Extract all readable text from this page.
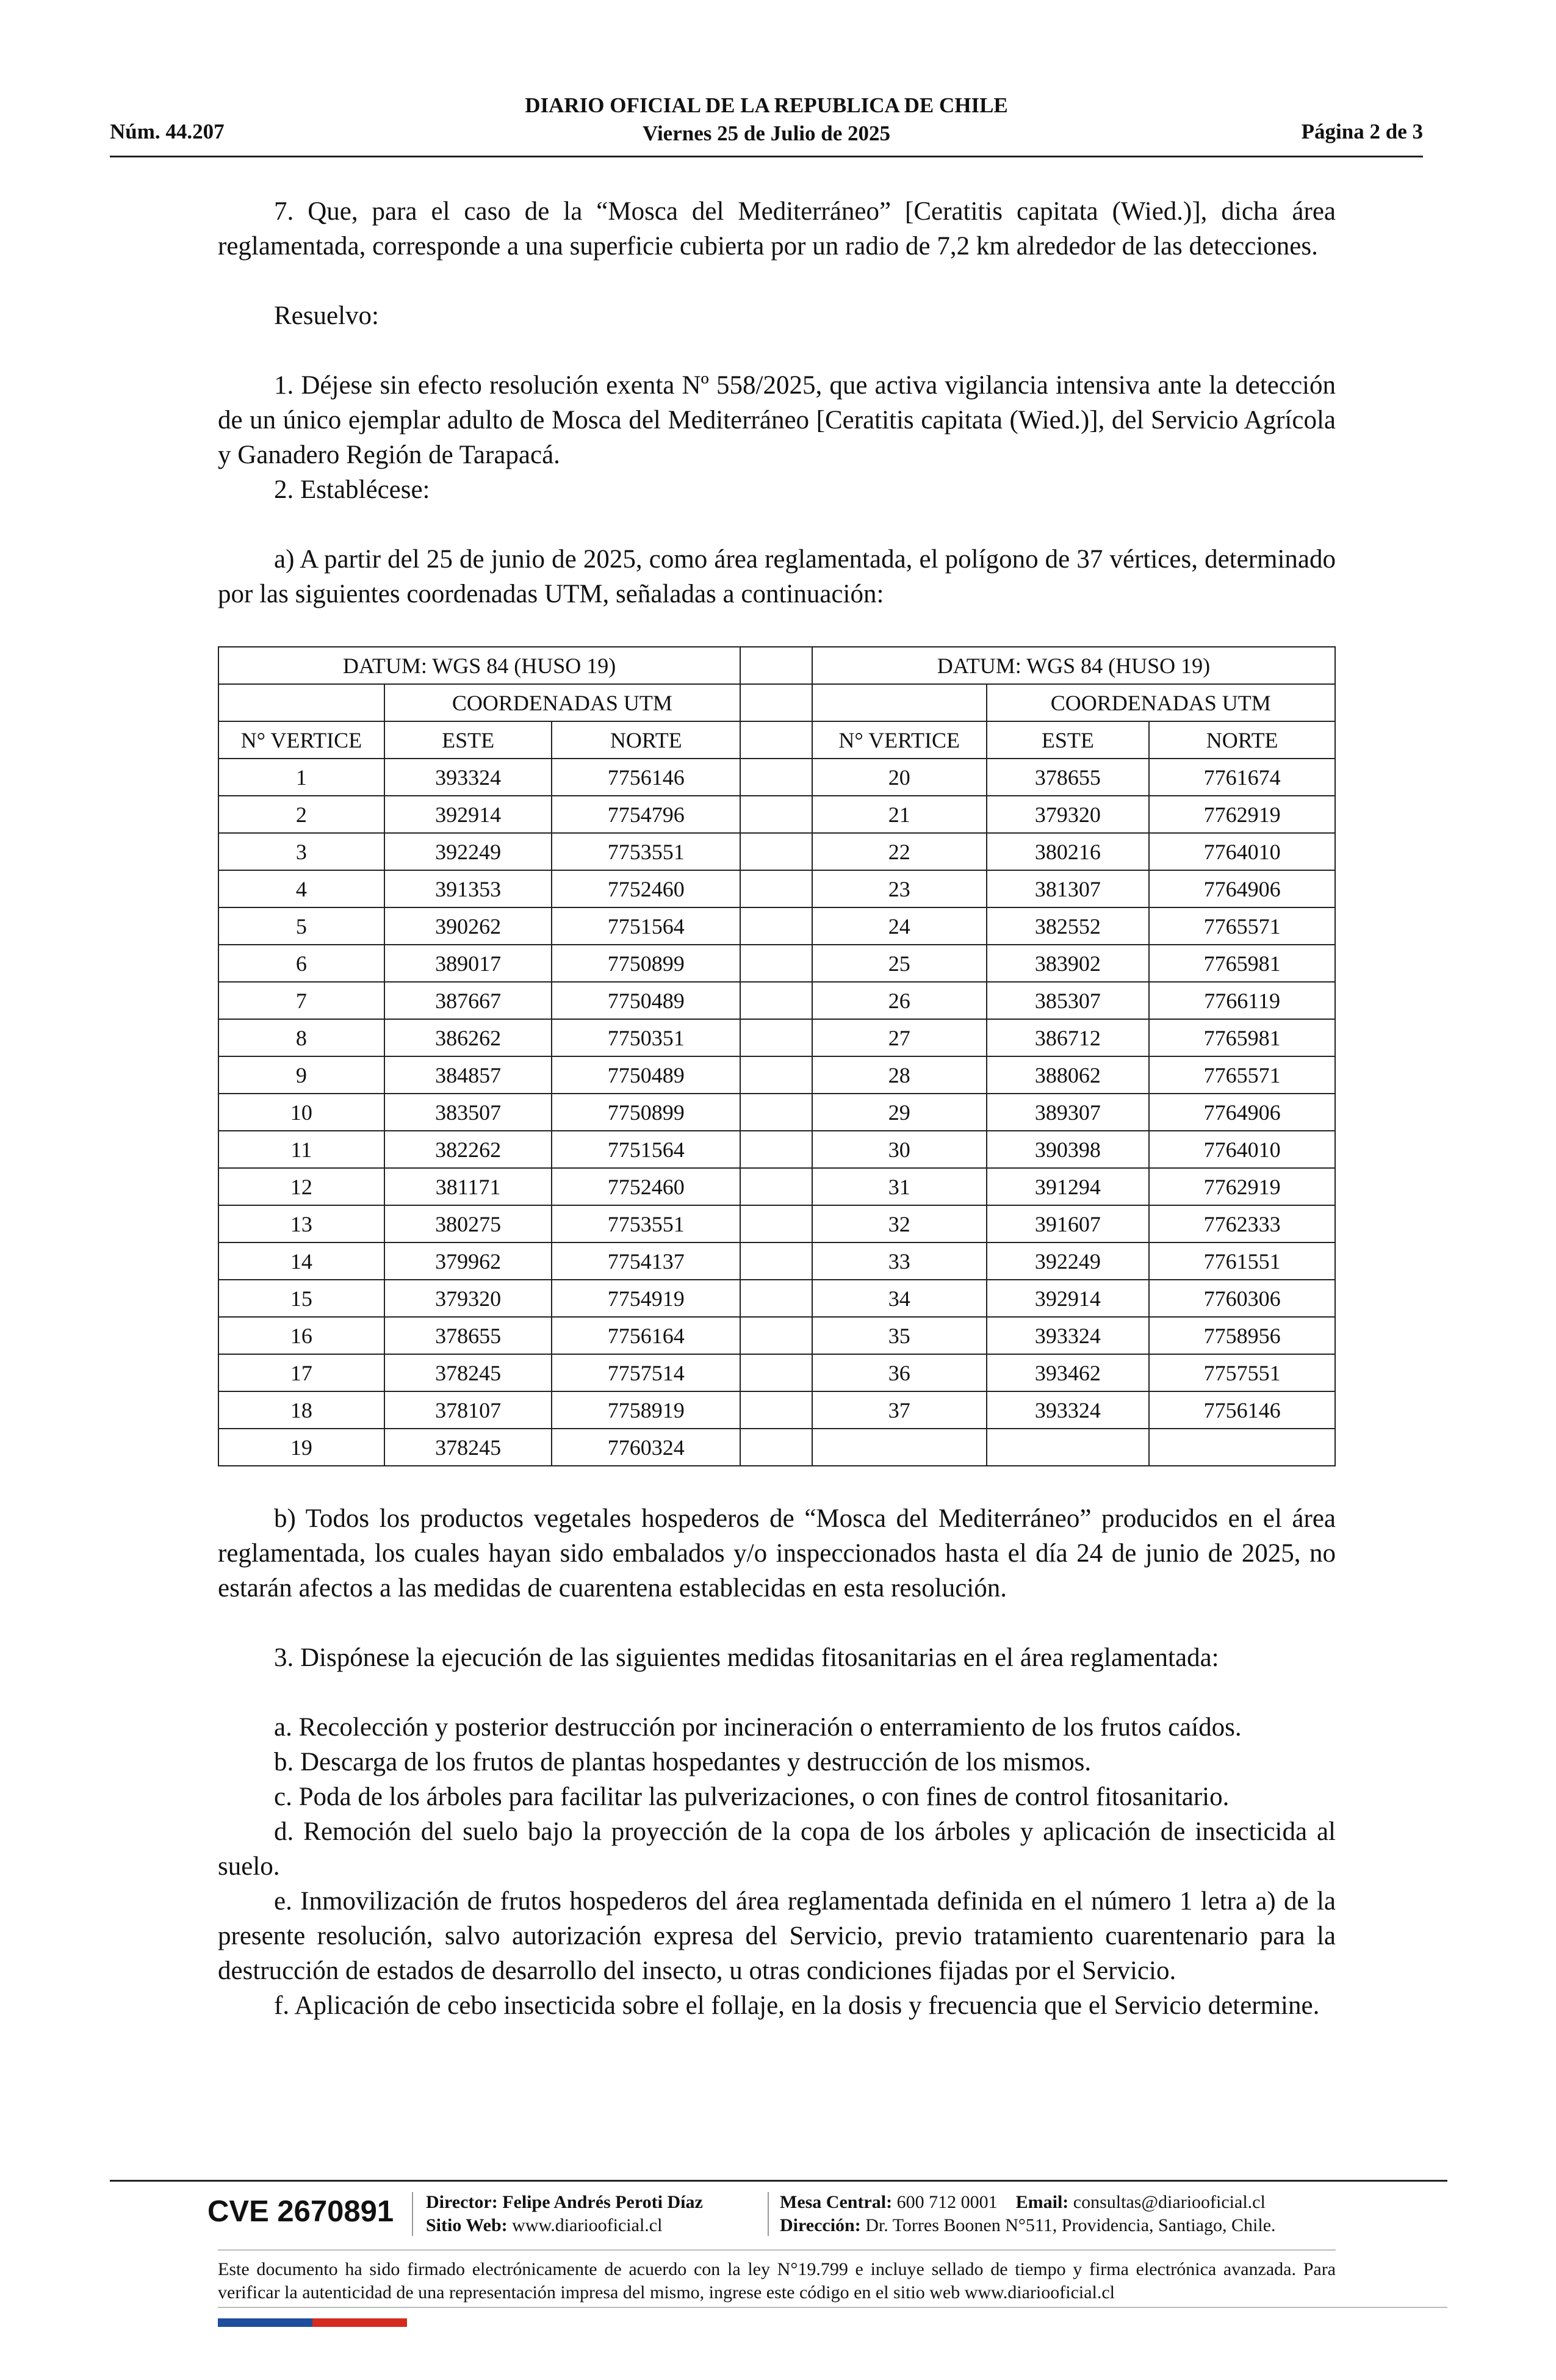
DIARIO OFICIAL DE LA REPUBLICA DE CHILE
Viernes 25 de Julio de 2025
Núm. 44.207	Página 2 de 3

7. Que, para el caso de la “Mosca del Mediterráneo” [Ceratitis capitata (Wied.)], dicha área reglamentada, corresponde a una superficie cubierta por un radio de 7,2 km alrededor de las detecciones.

Resuelvo:

1. Déjese sin efecto resolución exenta Nº 558/2025, que activa vigilancia intensiva ante la detección de un único ejemplar adulto de Mosca del Mediterráneo [Ceratitis capitata (Wied.)], del Servicio Agrícola y Ganadero Región de Tarapacá.

2. Establécese:

a) A partir del 25 de junio de 2025, como área reglamentada, el polígono de 37 vértices, determinado por las siguientes coordenadas UTM, señaladas a continuación:

DATUM: WGS 84 (HUSO 19)				DATUM: WGS 84 (HUSO 19)		
	COORDENADAS UTM				COORDENADAS UTM	
N° VERTICE	ESTE	NORTE		N° VERTICE	ESTE	NORTE
1	393324	7756146		20	378655	7761674
2	392914	7754796		21	379320	7762919
3	392249	7753551		22	380216	7764010
4	391353	7752460		23	381307	7764906
5	390262	7751564		24	382552	7765571
6	389017	7750899		25	383902	7765981
7	387667	7750489		26	385307	7766119
8	386262	7750351		27	386712	7765981
9	384857	7750489		28	388062	7765571
10	383507	7750899		29	389307	7764906
11	382262	7751564		30	390398	7764010
12	381171	7752460		31	391294	7762919
13	380275	7753551		32	391607	7762333
14	379962	7754137		33	392249	7761551
15	379320	7754919		34	392914	7760306
16	378655	7756164		35	393324	7758956
17	378245	7757514		36	393462	7757551
18	378107	7758919		37	393324	7756146
19	378245	7760324				

b) Todos los productos vegetales hospederos de “Mosca del Mediterráneo” producidos en el área reglamentada, los cuales hayan sido embalados y/o inspeccionados hasta el día 24 de junio de 2025, no estarán afectos a las medidas de cuarentena establecidas en esta resolución.

3. Dispónese la ejecución de las siguientes medidas fitosanitarias en el área reglamentada:

a. Recolección y posterior destrucción por incineración o enterramiento de los frutos caídos.

b. Descarga de los frutos de plantas hospedantes y destrucción de los mismos.

c. Poda de los árboles para facilitar las pulverizaciones, o con fines de control fitosanitario.

d. Remoción del suelo bajo la proyección de la copa de los árboles y aplicación de insecticida al suelo.

e. Inmovilización de frutos hospederos del área reglamentada definida en el número 1 letra a) de la presente resolución, salvo autorización expresa del Servicio, previo tratamiento cuarentenario para la destrucción de estados de desarrollo del insecto, u otras condiciones fijadas por el Servicio.

f. Aplicación de cebo insecticida sobre el follaje, en la dosis y frecuencia que el Servicio determine.

CVE 2670891 Director: Felipe Andrés Peroti Díaz
Sitio Web: www.diariooficial.cl
Mesa Central: 600 712 0001 Email: consultas@diariooficial.cl
Dirección: Dr. Torres Boonen N°511, Providencia, Santiago, Chile.
Este documento ha sido firmado electrónicamente de acuerdo con la ley N°19.799 e incluye sellado de tiempo y firma electrónica avanzada. Para verificar la autenticidad de una representación impresa del mismo, ingrese este código en el sitio web www.diariooficial.cl
